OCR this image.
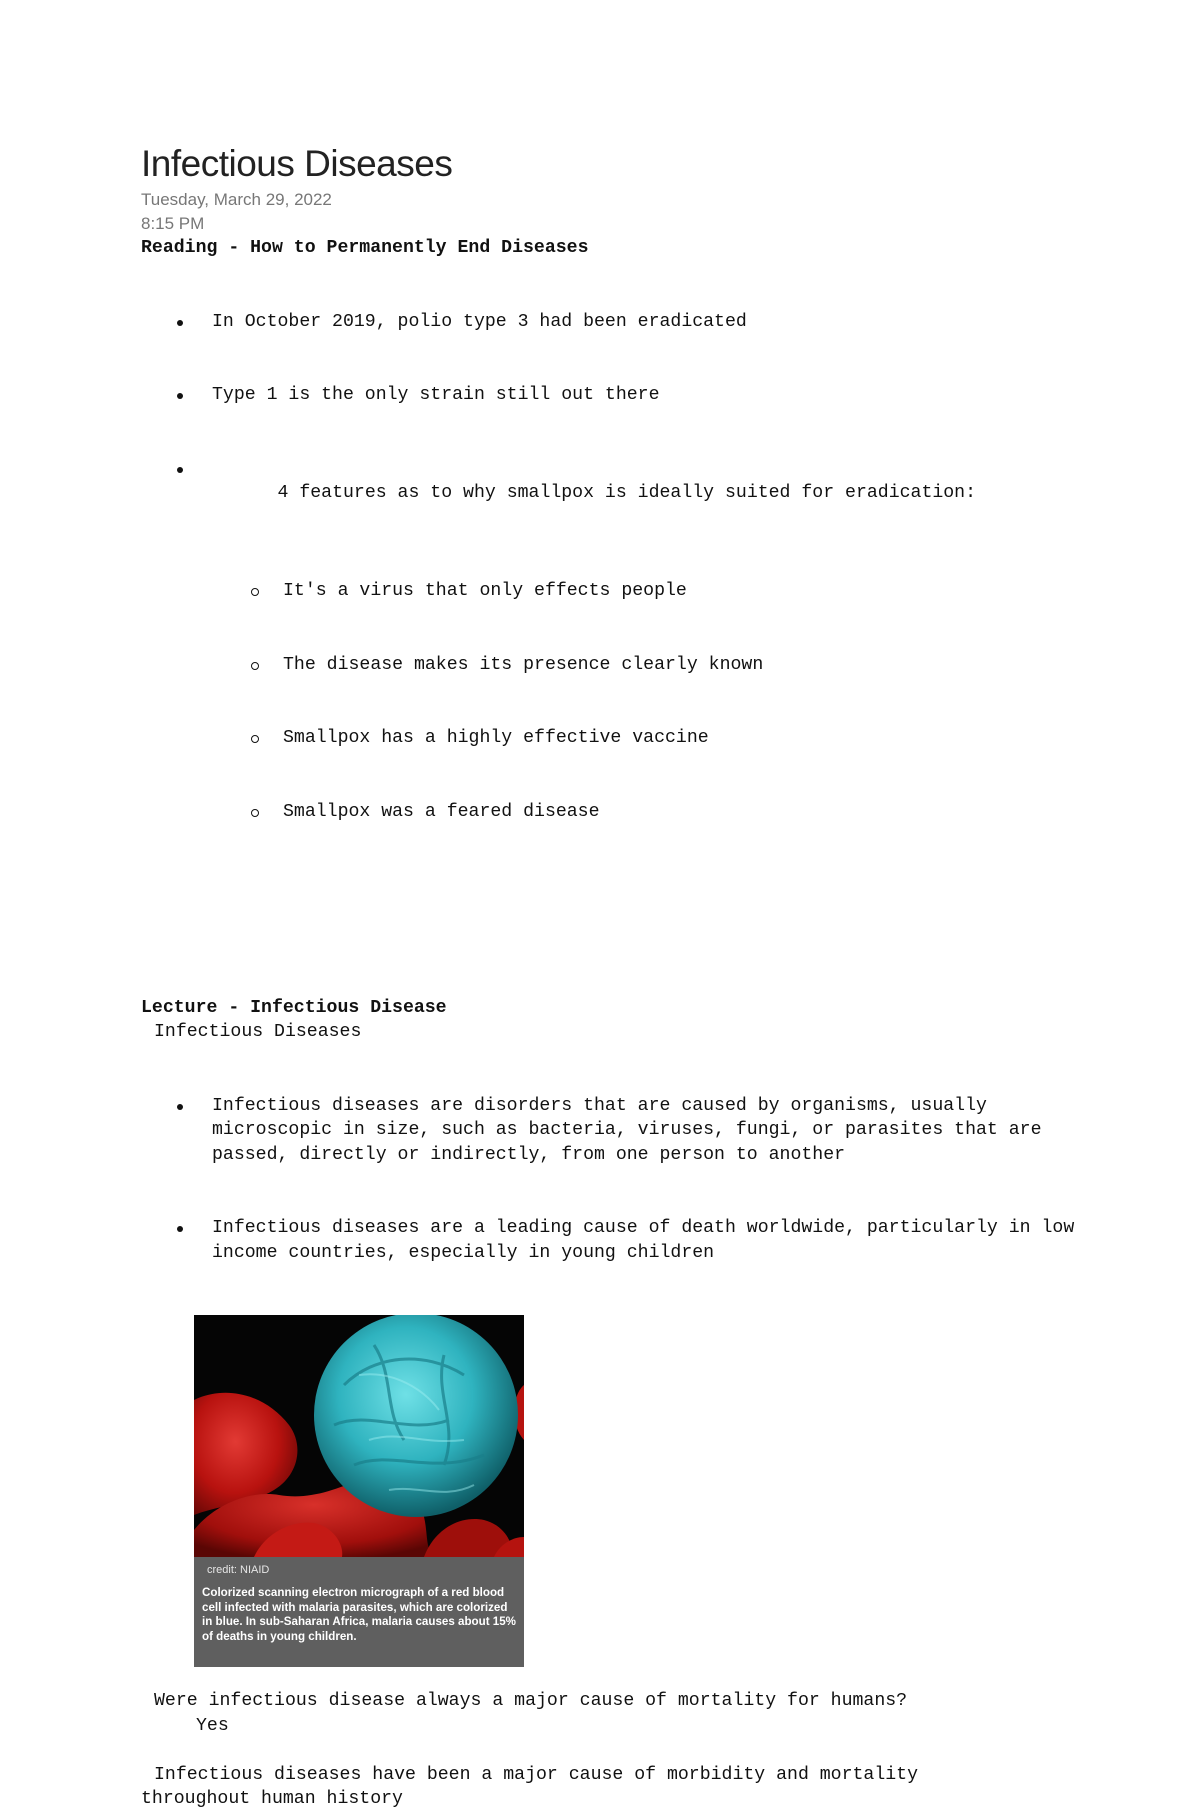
Infectious Diseases
Tuesday, March 29, 2022
8:15 PM
Reading - How to Permanently End Diseases

In October 2019, polio type 3 had been eradicated

Type 1 is the only strain still out there

4 features as to why smallpox is ideally suited for eradication:

It's a virus that only effects people

The disease makes its presence clearly known

Smallpox has a highly effective vaccine

Smallpox was a feared disease

Lecture - Infectious Disease
Infectious Diseases

Infectious diseases are disorders that are caused by organisms, usually microscopic in size, such as bacteria, viruses, fungi, or parasites that are passed, directly or indirectly, from one person to another

Infectious diseases are a leading cause of death worldwide, particularly in low income countries, especially in young children

credit: NIAID
Colorized scanning electron micrograph of a red blood cell infected with malaria parasites, which are colorized in blue. In sub-Saharan Africa, malaria causes about 15% of deaths in young children.
Were infectious disease always a major cause of mortality for humans?
Yes
Infectious diseases have been a major cause of morbidity and mortality throughout human history
